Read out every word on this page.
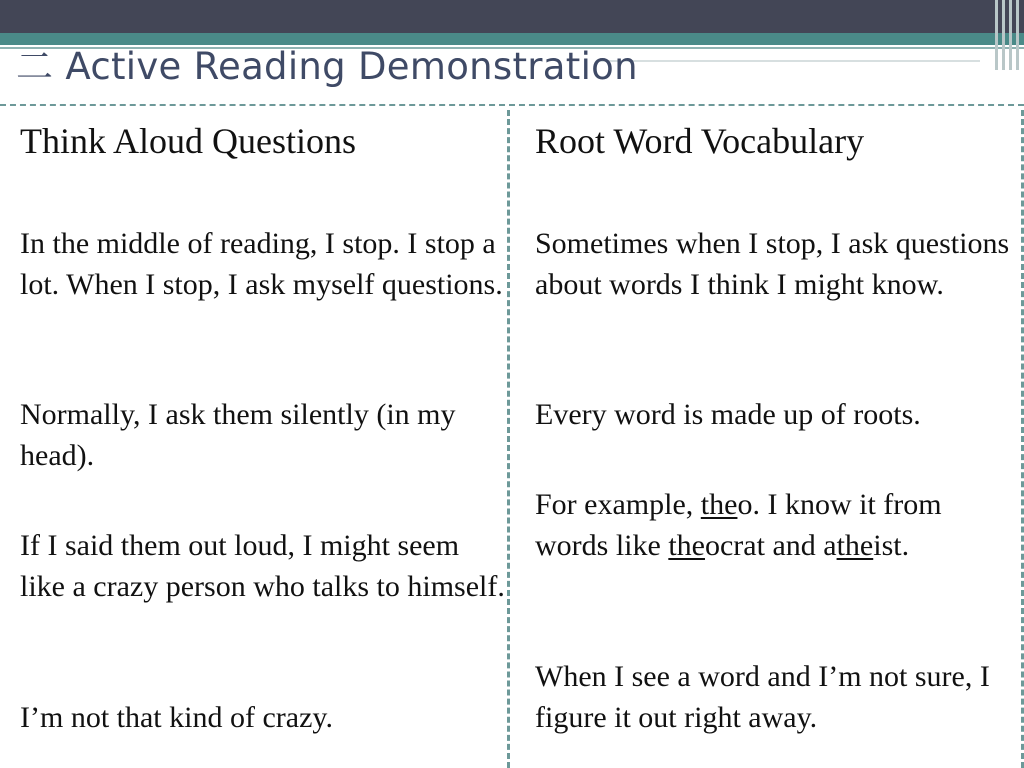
二 Active Reading Demonstration
Think Aloud Questions

In the middle of reading, I stop. I stop a lot. When I stop, I ask myself questions.

Normally, I ask them silently (in my head).

If I said them out loud, I might seem like a crazy person who talks to himself.

I’m not that kind of crazy.

Root Word Vocabulary

Sometimes when I stop, I ask questions about words I think I might know.

Every word is made up of roots.

For example, theo. I know it from words like theocrat and atheist.

When I see a word and I’m not sure, I figure it out right away.
